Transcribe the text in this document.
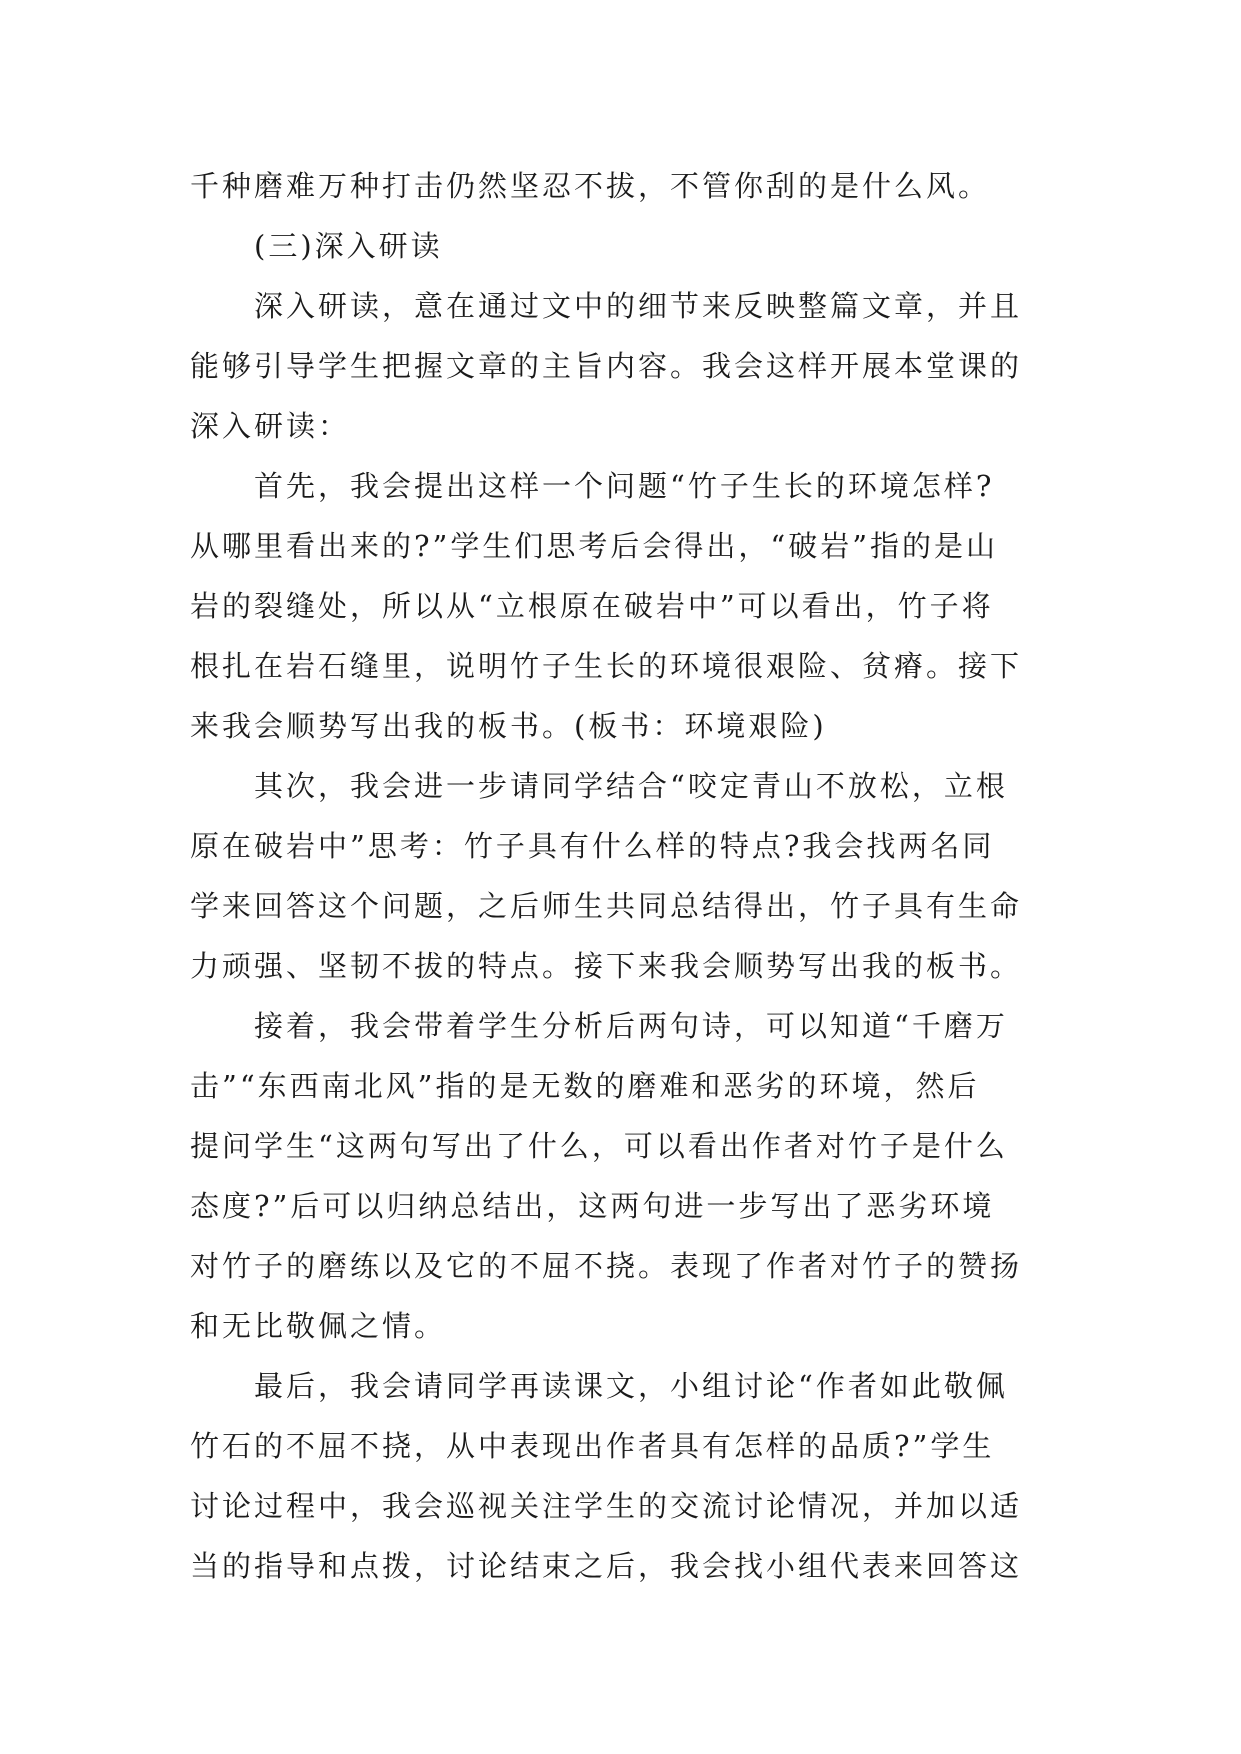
千种磨难万种打击仍然坚忍不拔，不管你刮的是什么风。
(三)深入研读
深入研读，意在通过文中的细节来反映整篇文章，并且
能够引导学生把握文章的主旨内容。我会这样开展本堂课的
深入研读：
首先，我会提出这样一个问题“竹子生长的环境怎样?
从哪里看出来的?”学生们思考后会得出，“破岩”指的是山
岩的裂缝处，所以从“立根原在破岩中”可以看出，竹子将
根扎在岩石缝里，说明竹子生长的环境很艰险、贫瘠。接下
来我会顺势写出我的板书。(板书：环境艰险)
其次，我会进一步请同学结合“咬定青山不放松，立根
原在破岩中”思考：竹子具有什么样的特点?我会找两名同
学来回答这个问题，之后师生共同总结得出，竹子具有生命
力顽强、坚韧不拔的特点。接下来我会顺势写出我的板书。
接着，我会带着学生分析后两句诗，可以知道“千磨万
击”“东西南北风”指的是无数的磨难和恶劣的环境，然后
提问学生“这两句写出了什么，可以看出作者对竹子是什么
态度?”后可以归纳总结出，这两句进一步写出了恶劣环境
对竹子的磨练以及它的不屈不挠。表现了作者对竹子的赞扬
和无比敬佩之情。
最后，我会请同学再读课文，小组讨论“作者如此敬佩
竹石的不屈不挠，从中表现出作者具有怎样的品质?”学生
讨论过程中，我会巡视关注学生的交流讨论情况，并加以适
当的指导和点拨，讨论结束之后，我会找小组代表来回答这
